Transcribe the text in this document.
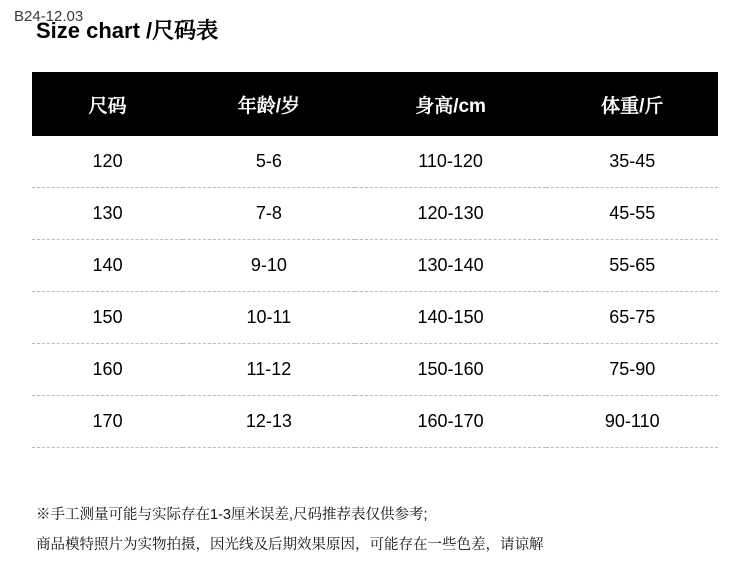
B24-12.03
Size chart /尺码表
尺码	年龄/岁	身高/cm	体重/斤
120	5-6	110-120	35-45
130	7-8	120-130	45-55
140	9-10	130-140	55-65
150	10-11	140-150	65-75
160	11-12	150-160	75-90
170	12-13	160-170	90-110
※手工测量可能与实际存在1-3厘米误差,尺码推荐表仅供参考;
商品模特照片为实物拍摄，因光线及后期效果原因，可能存在一些色差，请谅解
